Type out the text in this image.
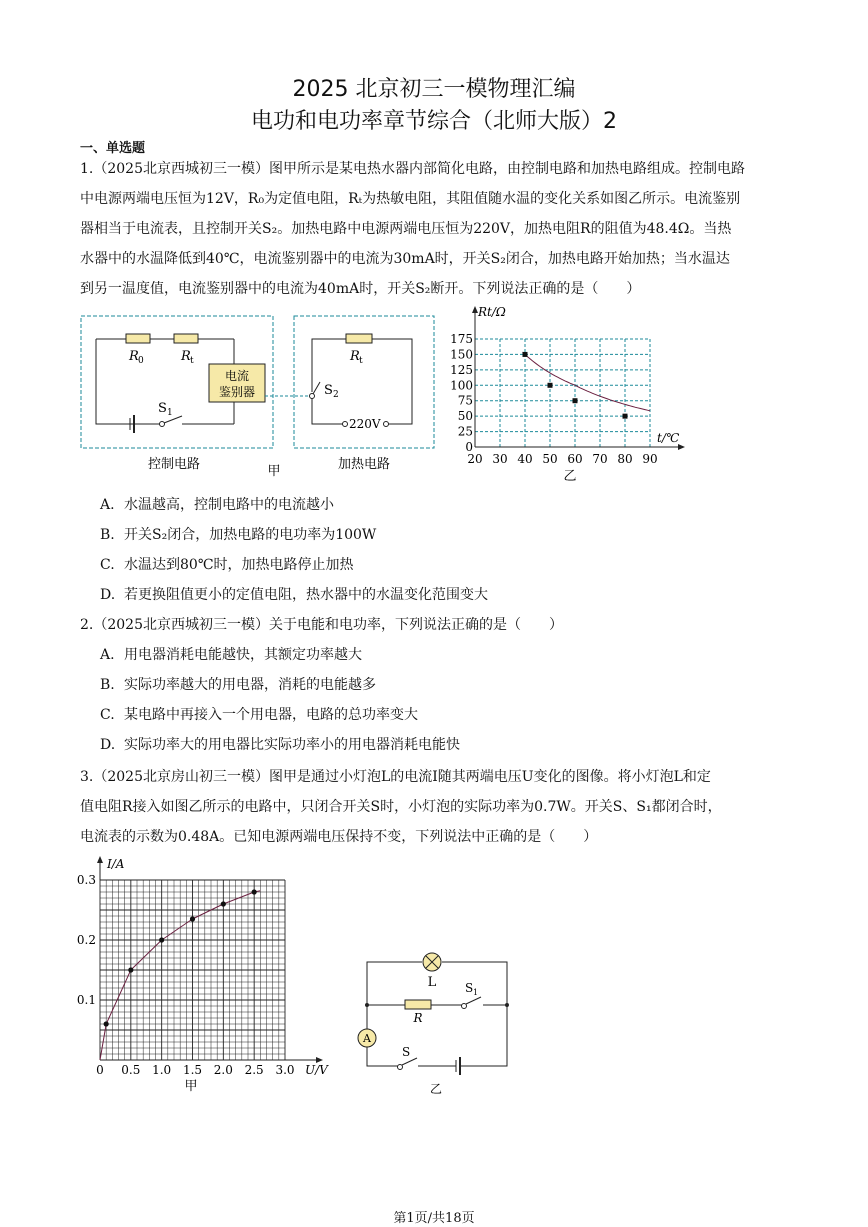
2025 北京初三一模物理汇编
电功和电功率章节综合（北师大版）2
一、单选题
1.（2025北京西城初三一模）图甲所示是某电热水器内部简化电路，由控制电路和加热电路组成。控制电路
中电源两端电压恒为12V，R₀为定值电阻，Rₜ为热敏电阻，其阻值随水温的变化关系如图乙所示。电流鉴别
器相当于电流表，且控制开关S₂。加热电路中电源两端电压恒为220V，加热电阻R的阻值为48.4Ω。当热
水器中的水温降低到40℃，电流鉴别器中的电流为30mA时，开关S₂闭合，加热电路开始加热；当水温达
到另一温度值，电流鉴别器中的电流为40mA时，开关S₂断开。下列说法正确的是（　　）
电流
鉴别器
S 1
R 0	R t
S 2
220V
R t
控制电路	加热电路
甲
20 30 40 50 60 70 80 90
0
25
50
75
100
125
150
175
Rt/Ω
t/℃
乙
A. 水温越高，控制电路中的电流越小
B. 开关S₂闭合，加热电路的电功率为100W
C. 水温达到80℃时，加热电路停止加热
D. 若更换阻值更小的定值电阻，热水器中的水温变化范围变大
2.（2025北京西城初三一模）关于电能和电功率，下列说法正确的是（　　）
A. 用电器消耗电能越快，其额定功率越大
B. 实际功率越大的用电器，消耗的电能越多
C. 某电路中再接入一个用电器，电路的总功率变大
D. 实际功率大的用电器比实际功率小的用电器消耗电能快
3.（2025北京房山初三一模）图甲是通过小灯泡L的电流I随其两端电压U变化的图像。将小灯泡L和定
值电阻R接入如图乙所示的电路中，只闭合开关S时，小灯泡的实际功率为0.7W。开关S、S₁都闭合时，
电流表的示数为0.48A。已知电源两端电压保持不变，下列说法中正确的是（　　）
0 0.5 1.0 1.5 2.0 2.5 3.0
0.1
0.2
0.3
I/A
U/V
甲
L
R
S 1
A
S
乙
第1页/共18页
